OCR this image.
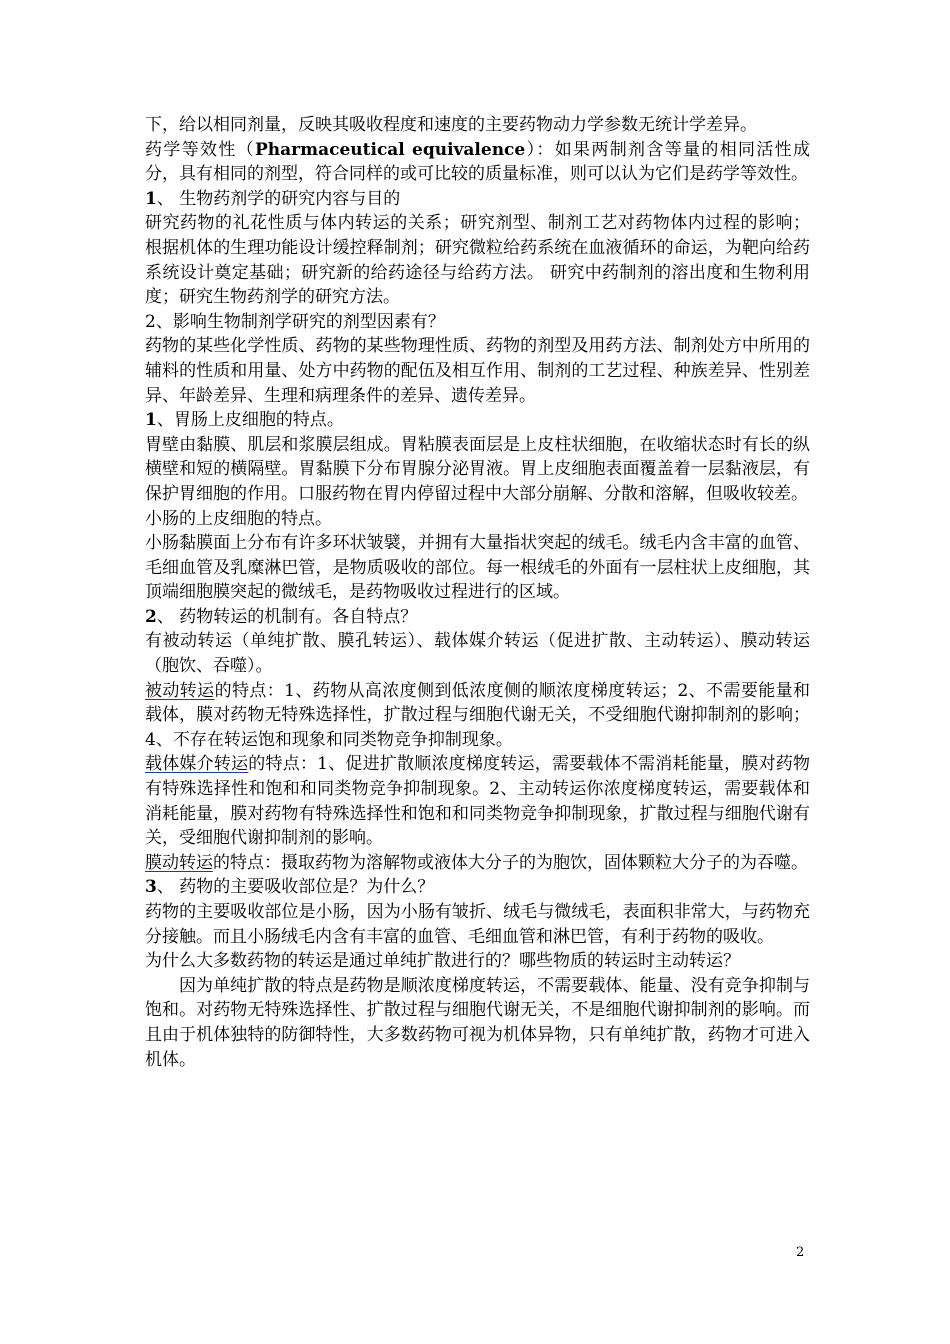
下，给以相同剂量，反映其吸收程度和速度的主要药物动力学参数无统计学差异。

药学等效性（Pharmaceutical equivalence）：如果两制剂含等量的相同活性成分，具有相同的剂型，符合同样的或可比较的质量标准，则可以认为它们是药学等效性。

1、 生物药剂学的研究内容与目的

研究药物的礼花性质与体内转运的关系；研究剂型、制剂工艺对药物体内过程的影响； 根据机体的生理功能设计缓控释制剂；研究微粒给药系统在血液循环的命运，为靶向给药系统设计奠定基础；研究新的给药途径与给药方法。 研究中药制剂的溶出度和生物利用度；研究生物药剂学的研究方法。

2、影响生物制剂学研究的剂型因素有？

药物的某些化学性质、药物的某些物理性质、药物的剂型及用药方法、制剂处方中所用的辅料的性质和用量、处方中药物的配伍及相互作用、制剂的工艺过程、种族差异、性别差异、年龄差异、生理和病理条件的差异、遗传差异。

1、胃肠上皮细胞的特点。

胃壁由黏膜、肌层和浆膜层组成。胃粘膜表面层是上皮柱状细胞，在收缩状态时有长的纵横壁和短的横隔壁。胃黏膜下分布胃腺分泌胃液。胃上皮细胞表面覆盖着一层黏液层，有保护胃细胞的作用。口服药物在胃内停留过程中大部分崩解、分散和溶解，但吸收较差。

小肠的上皮细胞的特点。

小肠黏膜面上分布有许多环状皱襞，并拥有大量指状突起的绒毛。绒毛内含丰富的血管、毛细血管及乳糜淋巴管，是物质吸收的部位。每一根绒毛的外面有一层柱状上皮细胞，其顶端细胞膜突起的微绒毛，是药物吸收过程进行的区域。

2、 药物转运的机制有。各自特点？

有被动转运（单纯扩散、膜孔转运）、载体媒介转运（促进扩散、主动转运）、膜动转运（胞饮、吞噬）。

被动转运的特点：1、药物从高浓度侧到低浓度侧的顺浓度梯度转运；2、不需要能量和载体，膜对药物无特殊选择性，扩散过程与细胞代谢无关，不受细胞代谢抑制剂的影响；4、不存在转运饱和现象和同类物竞争抑制现象。

载体媒介转运的特点：1、促进扩散顺浓度梯度转运，需要载体不需消耗能量，膜对药物有特殊选择性和饱和和同类物竞争抑制现象。2、主动转运你浓度梯度转运，需要载体和消耗能量，膜对药物有特殊选择性和饱和和同类物竞争抑制现象，扩散过程与细胞代谢有关，受细胞代谢抑制剂的影响。

膜动转运的特点：摄取药物为溶解物或液体大分子的为胞饮，固体颗粒大分子的为吞噬。

3、 药物的主要吸收部位是？为什么？

药物的主要吸收部位是小肠，因为小肠有皱折、绒毛与微绒毛，表面积非常大，与药物充分接触。而且小肠绒毛内含有丰富的血管、毛细血管和淋巴管，有利于药物的吸收。

为什么大多数药物的转运是通过单纯扩散进行的？哪些物质的转运时主动转运？

因为单纯扩散的特点是药物是顺浓度梯度转运，不需要载体、能量、没有竞争抑制与饱和。对药物无特殊选择性、扩散过程与细胞代谢无关，不是细胞代谢抑制剂的影响。而且由于机体独特的防御特性，大多数药物可视为机体异物，只有单纯扩散，药物才可进入机体。

2
